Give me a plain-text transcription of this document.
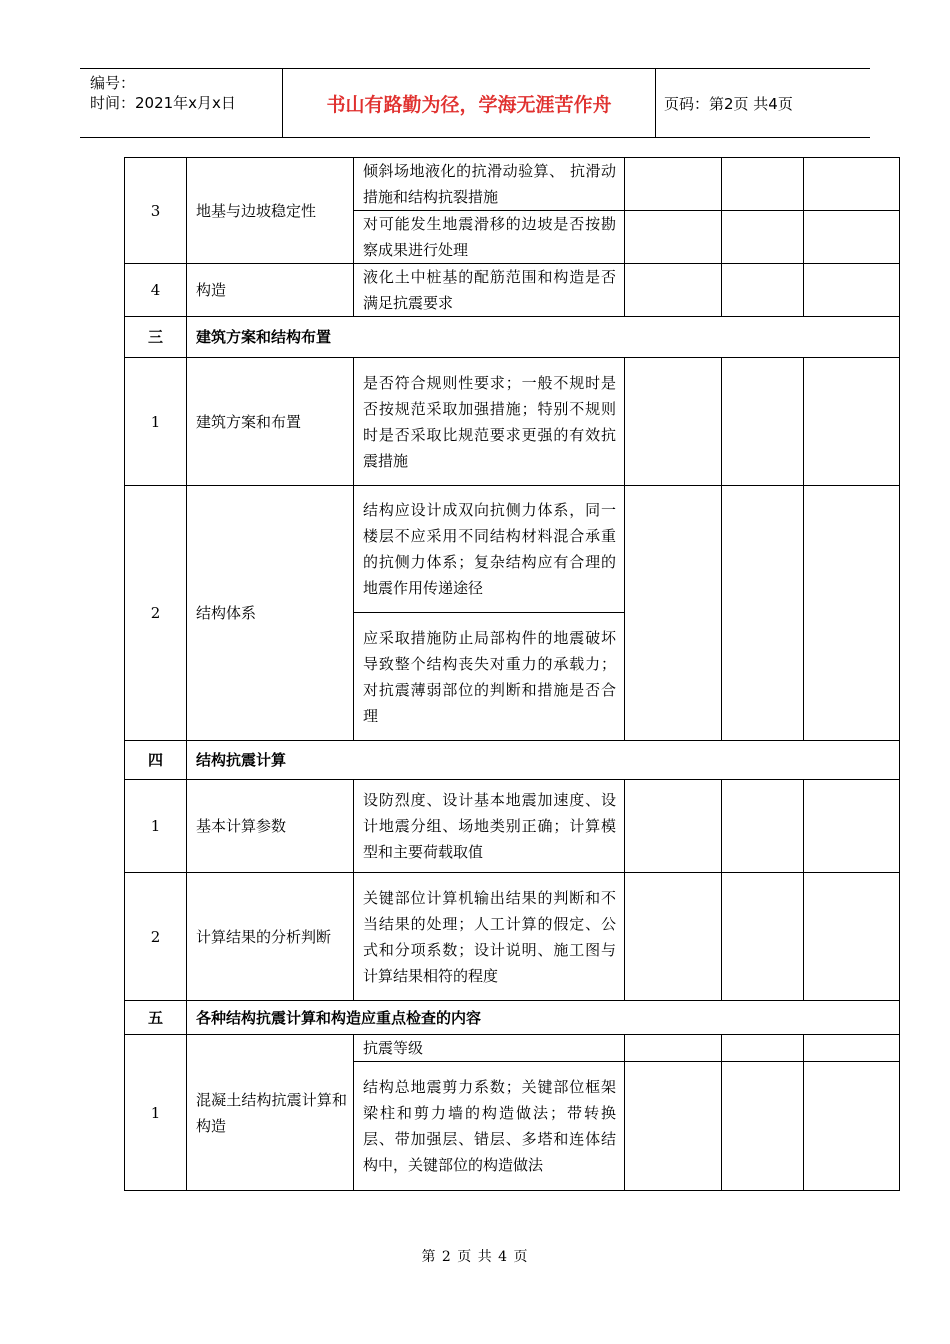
编号：
时间：2021年x月x日	书山有路勤为径，学海无涯苦作舟	页码：第2页 共4页
3	地基与边坡稳定性	倾斜场地液化的抗滑动验算、 抗滑动措施和结构抗裂措施			
		对可能发生地震滑移的边坡是否按勘察成果进行处理			
4	构造	液化土中桩基的配筋范围和构造是否满足抗震要求			
三	建筑方案和结构布置				
1	建筑方案和布置	是否符合规则性要求；一般不规时是否按规范采取加强措施；特别不规则时是否采取比规范要求更强的有效抗震措施			
2	结构体系	结构应设计成双向抗侧力体系，同一楼层不应采用不同结构材料混合承重的抗侧力体系；复杂结构应有合理的地震作用传递途径			
		应采取措施防止局部构件的地震破坏导致整个结构丧失对重力的承载力；对抗震薄弱部位的判断和措施是否合理			
四	结构抗震计算				
1	基本计算参数	设防烈度、设计基本地震加速度、设计地震分组、场地类别正确；计算模型和主要荷载取值			
2	计算结果的分析判断	关键部位计算机输出结果的判断和不当结果的处理；人工计算的假定、公式和分项系数；设计说明、施工图与计算结果相符的程度			
五	各种结构抗震计算和构造应重点检查的内容				
1	混凝土结构抗震计算和构造	抗震等级			
		结构总地震剪力系数；关键部位框架梁柱和剪力墙的构造做法；带转换层、带加强层、错层、多塔和连体结构中，关键部位的构造做法			
第 2 页 共 4 页
